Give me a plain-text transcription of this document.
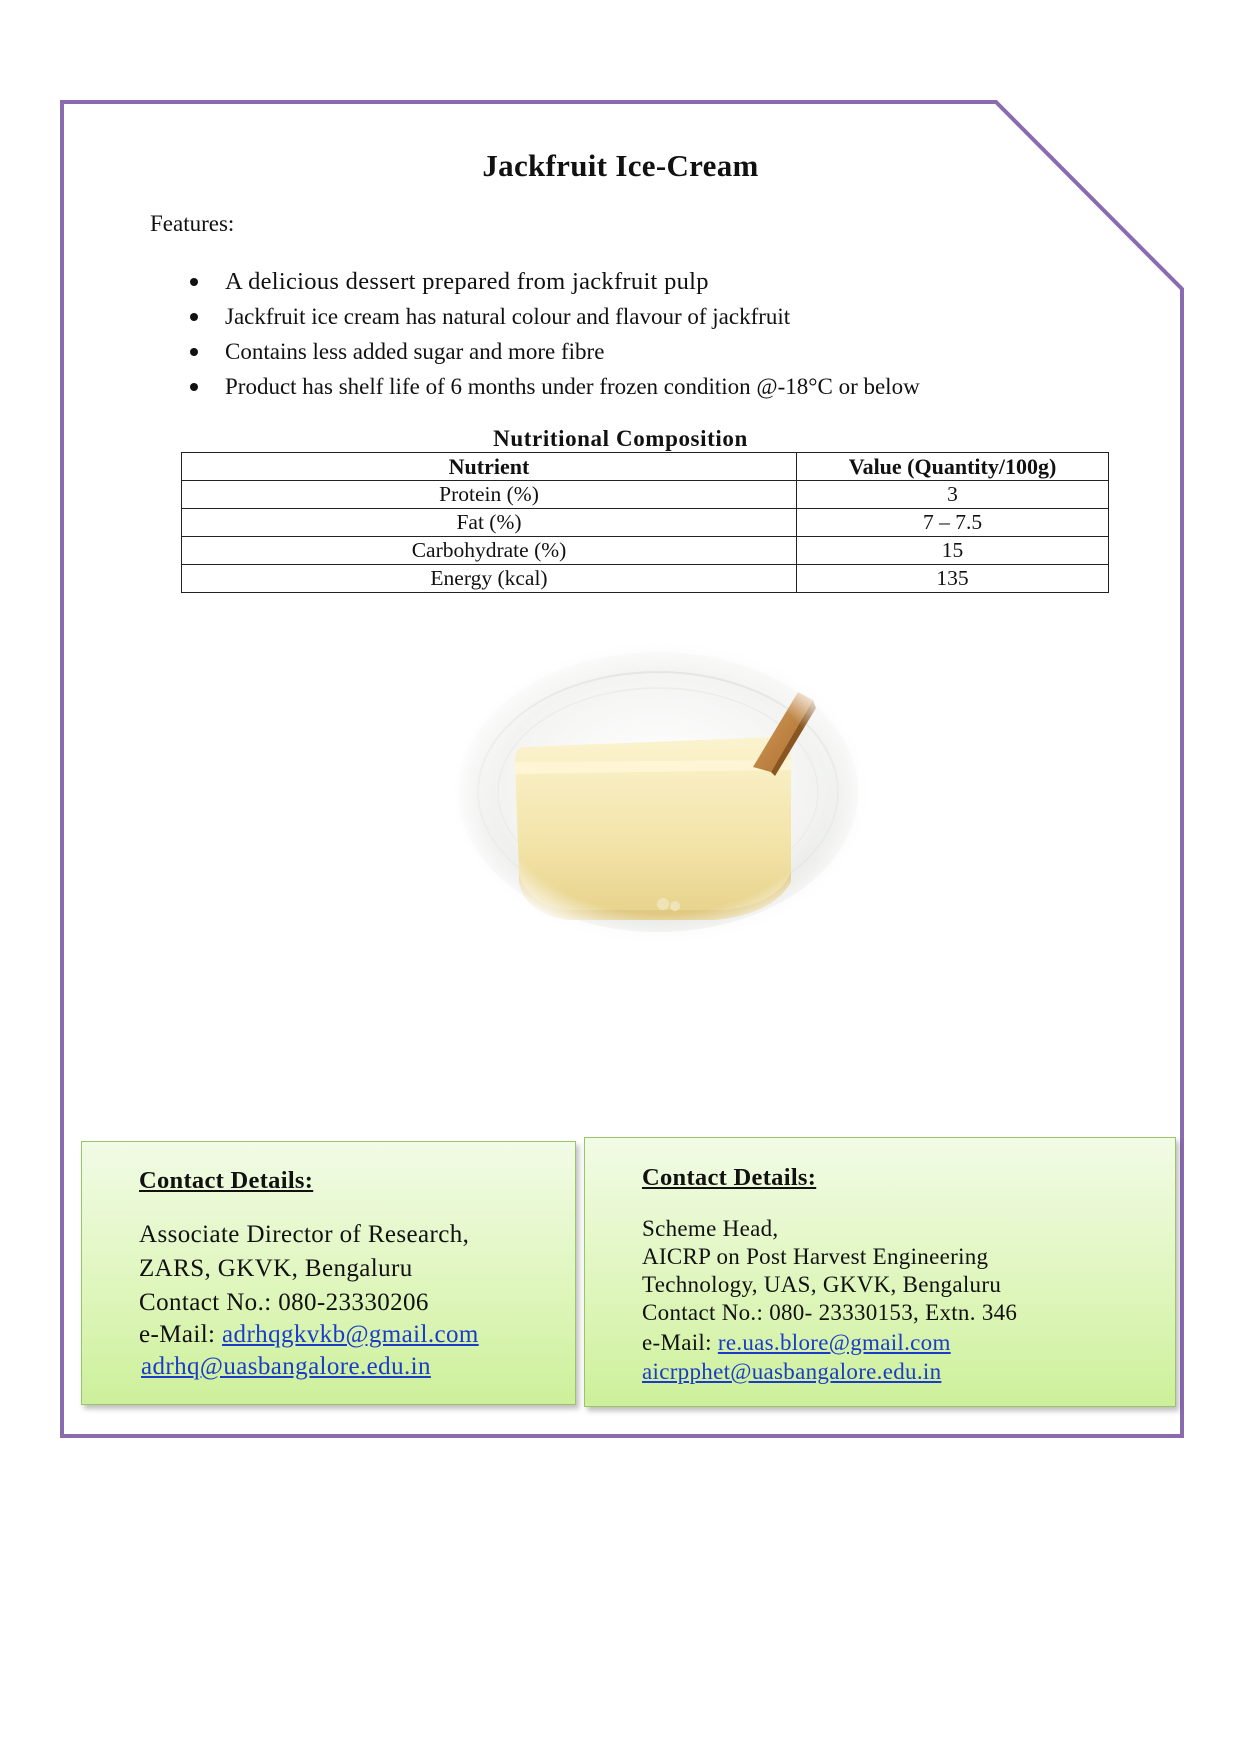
Jackfruit Ice-Cream
Features:
A delicious dessert prepared from jackfruit pulp
Jackfruit ice cream has natural colour and flavour of jackfruit
Contains less added sugar and more fibre
Product has shelf life of 6 months under frozen condition @-18°C or below
Nutritional Composition
Nutrient	Value (Quantity/100g)
Protein (%)	3
Fat (%)	7 – 7.5
Carbohydrate (%)	15
Energy (kcal)	135
Contact Details:
Associate Director of Research,
ZARS, GKVK, Bengaluru
Contact No.: 080-23330206
e-Mail: adrhqgkvkb@gmail.com
adrhq@uasbangalore.edu.in
Contact Details:
Scheme Head,
AICRP on Post Harvest Engineering
Technology, UAS, GKVK, Bengaluru
Contact No.: 080- 23330153, Extn. 346
e-Mail: re.uas.blore@gmail.com
aicrpphet@uasbangalore.edu.in
